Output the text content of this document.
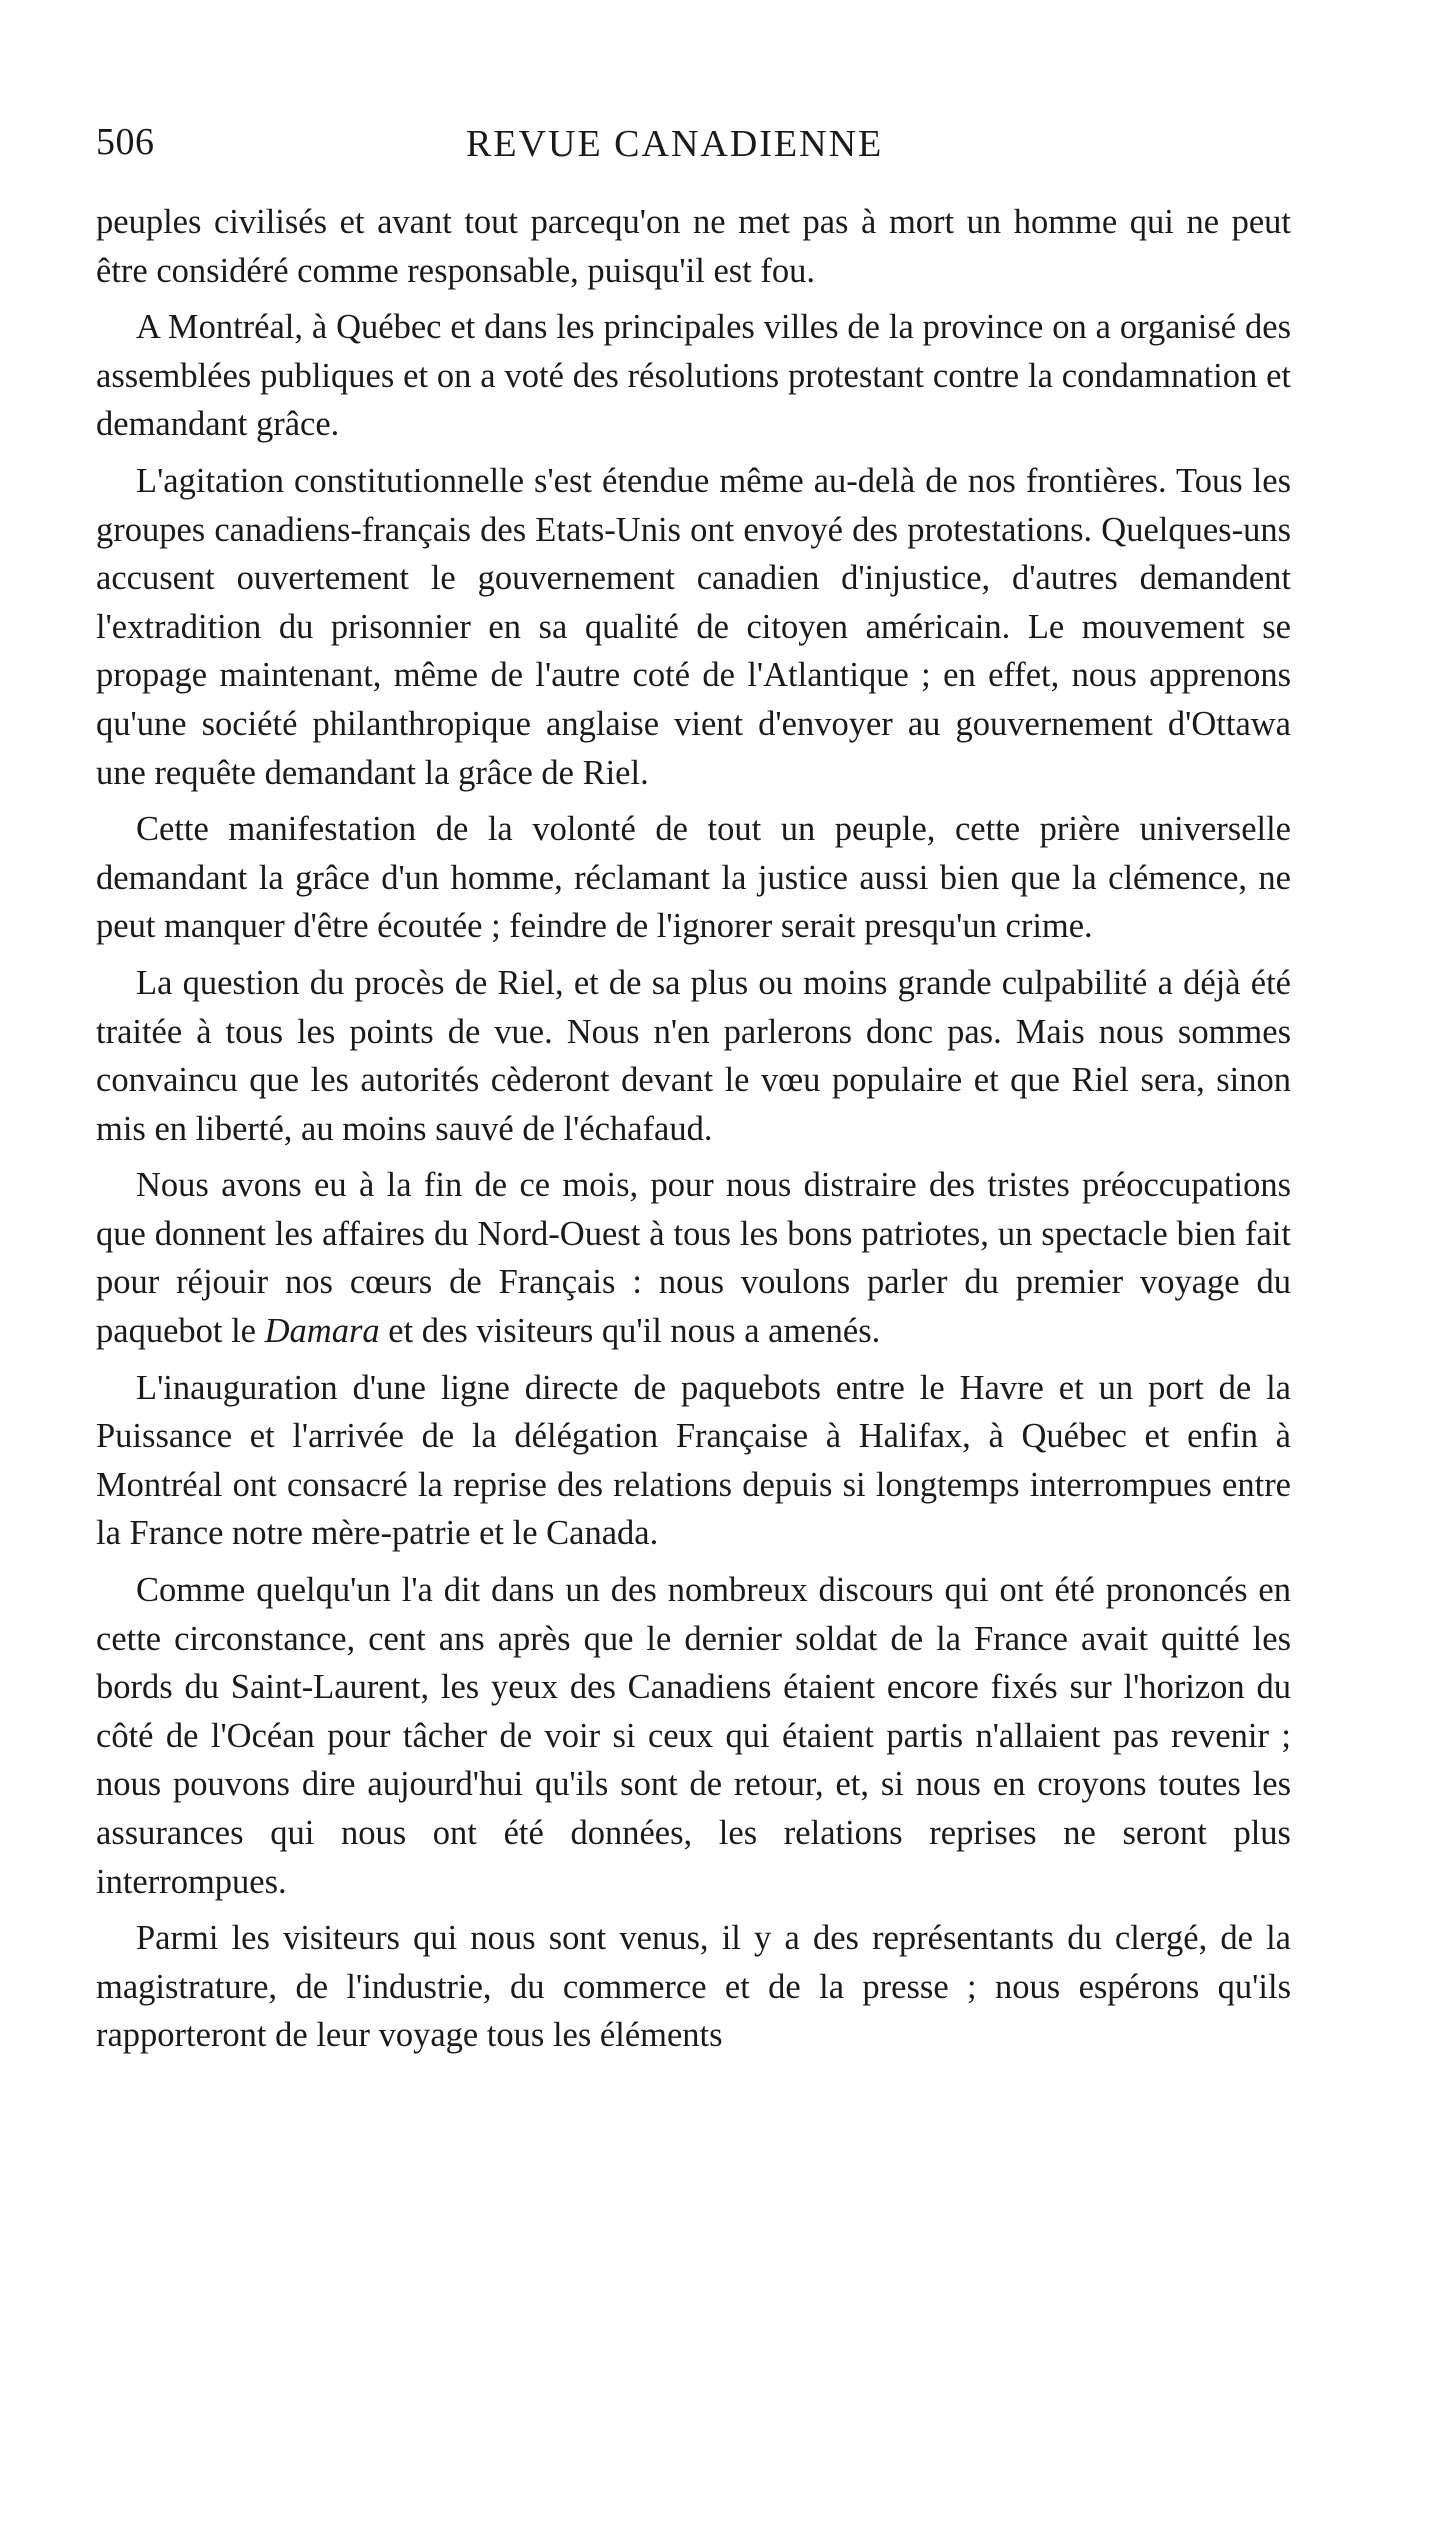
506	REVUE CANADIENNE

peuples civilisés et avant tout parcequ'on ne met pas à mort un homme qui ne peut être considéré comme responsable, puisqu'il est fou.

A Montréal, à Québec et dans les principales villes de la province on a organisé des assemblées publiques et on a voté des résolutions protestant contre la condamnation et demandant grâce.

L'agitation constitutionnelle s'est étendue même au-delà de nos frontières. Tous les groupes canadiens-français des Etats-Unis ont envoyé des protestations. Quelques-uns accusent ouvertement le gouvernement canadien d'injustice, d'autres demandent l'extradition du prisonnier en sa qualité de citoyen américain. Le mouvement se propage maintenant, même de l'autre coté de l'Atlantique ; en effet, nous apprenons qu'une société philanthropique anglaise vient d'envoyer au gouvernement d'Ottawa une requête demandant la grâce de Riel.

Cette manifestation de la volonté de tout un peuple, cette prière universelle demandant la grâce d'un homme, réclamant la justice aussi bien que la clémence, ne peut manquer d'être écoutée ; feindre de l'ignorer serait presqu'un crime.

La question du procès de Riel, et de sa plus ou moins grande culpabilité a déjà été traitée à tous les points de vue. Nous n'en parlerons donc pas. Mais nous sommes convaincu que les autorités cèderont devant le vœu populaire et que Riel sera, sinon mis en liberté, au moins sauvé de l'échafaud.

Nous avons eu à la fin de ce mois, pour nous distraire des tristes préoccupations que donnent les affaires du Nord-Ouest à tous les bons patriotes, un spectacle bien fait pour réjouir nos cœurs de Français : nous voulons parler du premier voyage du paquebot le Damara et des visiteurs qu'il nous a amenés.

L'inauguration d'une ligne directe de paquebots entre le Havre et un port de la Puissance et l'arrivée de la délégation Française à Halifax, à Québec et enfin à Montréal ont consacré la reprise des relations depuis si longtemps interrompues entre la France notre mère-patrie et le Canada.

Comme quelqu'un l'a dit dans un des nombreux discours qui ont été prononcés en cette circonstance, cent ans après que le dernier soldat de la France avait quitté les bords du Saint-Laurent, les yeux des Canadiens étaient encore fixés sur l'horizon du côté de l'Océan pour tâcher de voir si ceux qui étaient partis n'allaient pas revenir ; nous pouvons dire aujourd'hui qu'ils sont de retour, et, si nous en croyons toutes les assurances qui nous ont été données, les relations reprises ne seront plus interrompues.

Parmi les visiteurs qui nous sont venus, il y a des représentants du clergé, de la magistrature, de l'industrie, du commerce et de la presse ; nous espérons qu'ils rapporteront de leur voyage tous les éléments
